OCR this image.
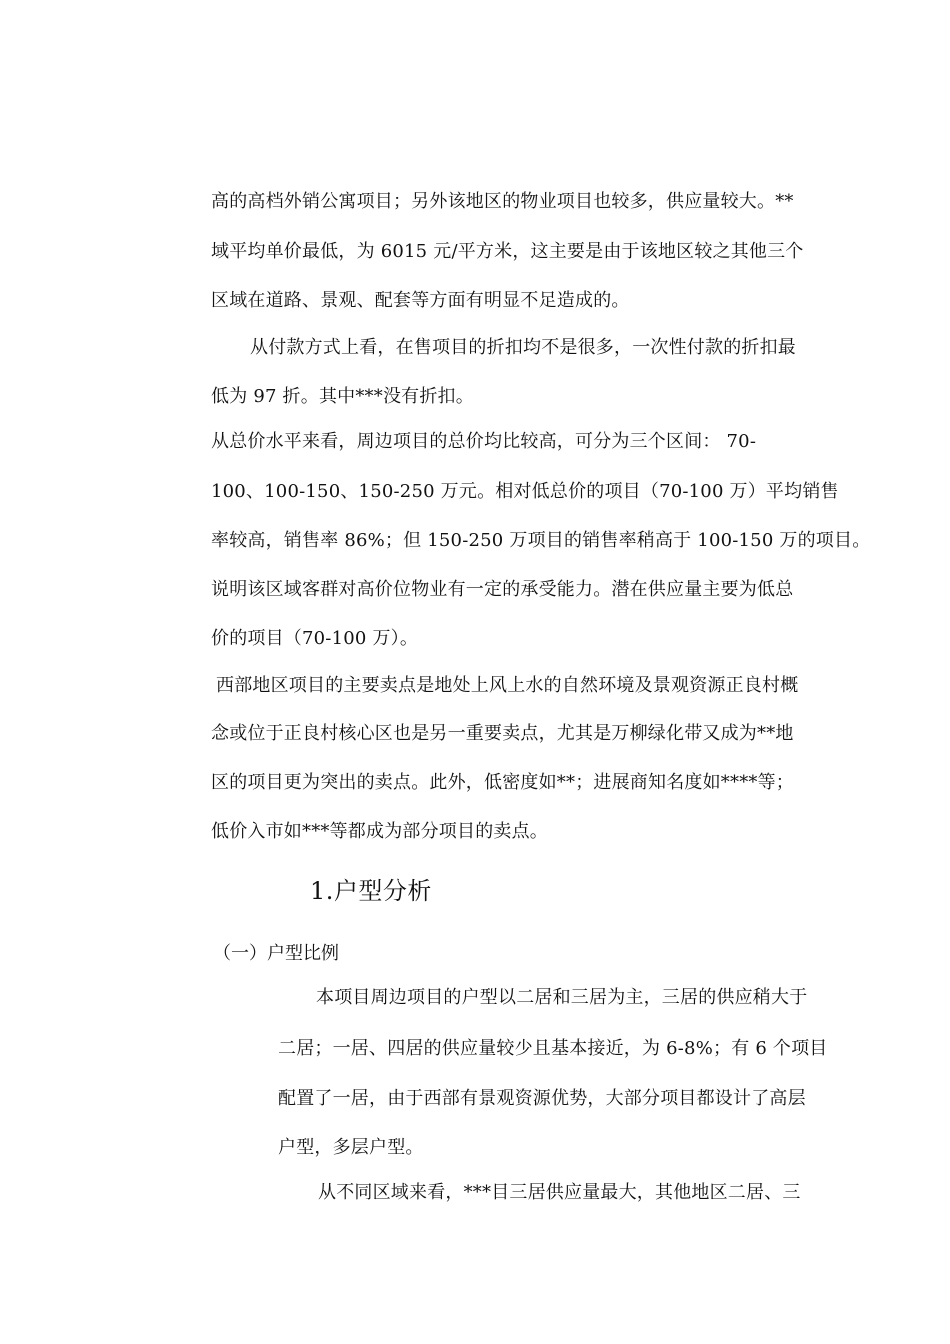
高的高档外销公寓项目；另外该地区的物业项目也较多，供应量较大。**
域平均单价最低，为 6015 元/平方米，这主要是由于该地区较之其他三个
区域在道路、景观、配套等方面有明显不足造成的。
从付款方式上看，在售项目的折扣均不是很多，一次性付款的折扣最
低为 97 折。其中***没有折扣。
从总价水平来看，周边项目的总价均比较高，可分为三个区间： 70-
100、100-150、150-250 万元。相对低总价的项目（70-100 万）平均销售
率较高，销售率 86%；但 150-250 万项目的销售率稍高于 100-150 万的项目。
说明该区域客群对高价位物业有一定的承受能力。潜在供应量主要为低总
价的项目（70-100 万）。
西部地区项目的主要卖点是地处上风上水的自然环境及景观资源正良村概
念或位于正良村核心区也是另一重要卖点，尤其是万柳绿化带又成为**地
区的项目更为突出的卖点。此外，低密度如**；进展商知名度如****等；
低价入市如***等都成为部分项目的卖点。
1.户型分析
（一）户型比例
本项目周边项目的户型以二居和三居为主，三居的供应稍大于
二居；一居、四居的供应量较少且基本接近，为 6-8%；有 6 个项目
配置了一居，由于西部有景观资源优势，大部分项目都设计了高层
户型，多层户型。
从不同区域来看，***目三居供应量最大，其他地区二居、三
